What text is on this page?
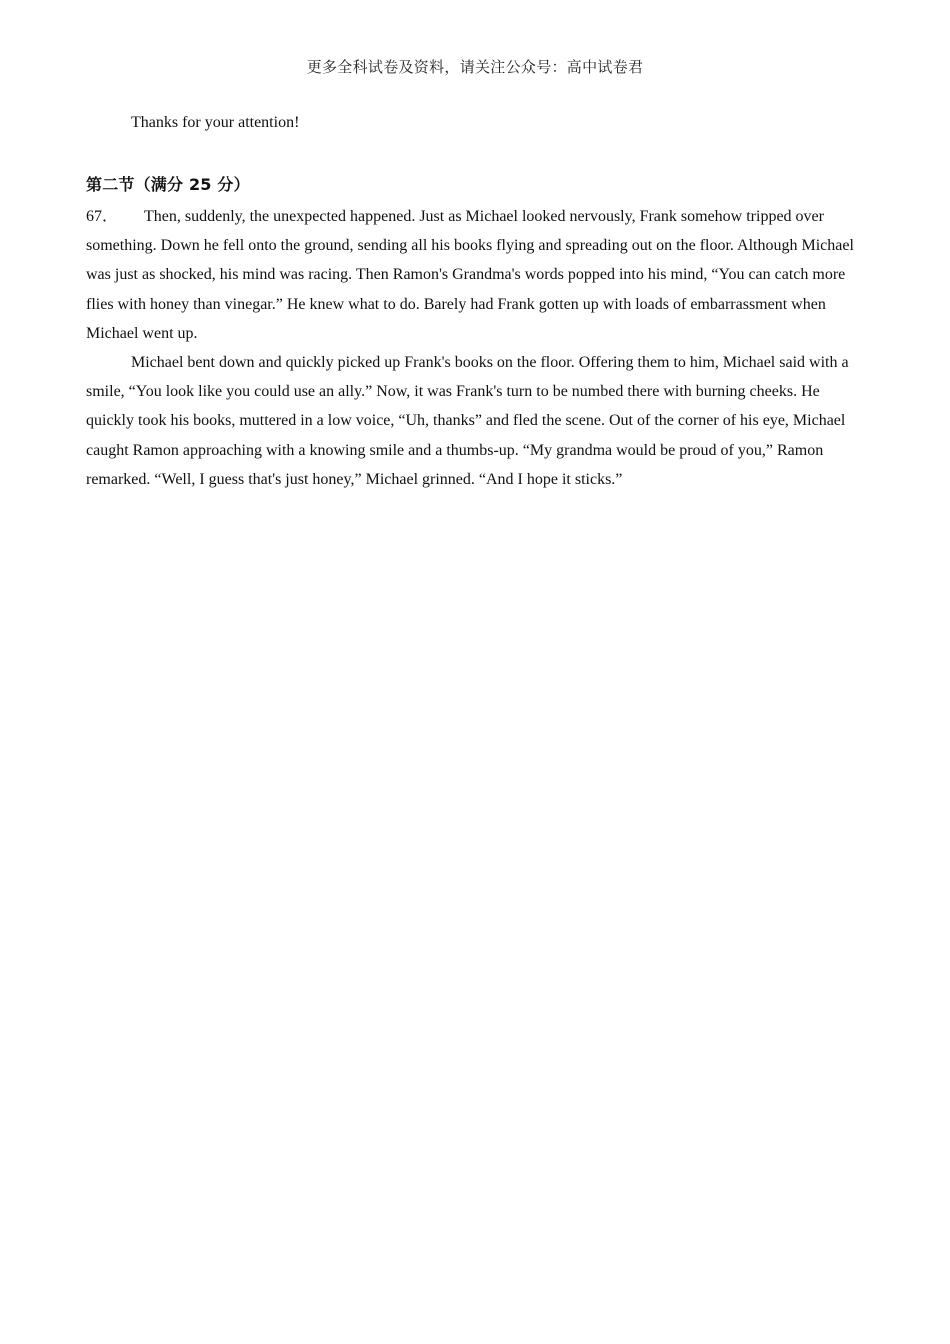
更多全科试卷及资料，请关注公众号：高中试卷君
Thanks for your attention!
第二节（满分 25 分）

67． Then, suddenly, the unexpected happened. Just as Michael looked nervously, Frank somehow tripped over something. Down he fell onto the ground, sending all his books flying and spreading out on the floor. Although Michael was just as shocked, his mind was racing. Then Ramon's Grandma's words popped into his mind, “You can catch more flies with honey than vinegar.” He knew what to do. Barely had Frank gotten up with loads of embarrassment when Michael went up.

Michael bent down and quickly picked up Frank's books on the floor. Offering them to him, Michael said with a smile, “You look like you could use an ally.” Now, it was Frank's turn to be numbed there with burning cheeks. He quickly took his books, muttered in a low voice, “Uh, thanks” and fled the scene. Out of the corner of his eye, Michael caught Ramon approaching with a knowing smile and a thumbs-up. “My grandma would be proud of you,” Ramon remarked. “Well, I guess that's just honey,” Michael grinned. “And I hope it sticks.”
